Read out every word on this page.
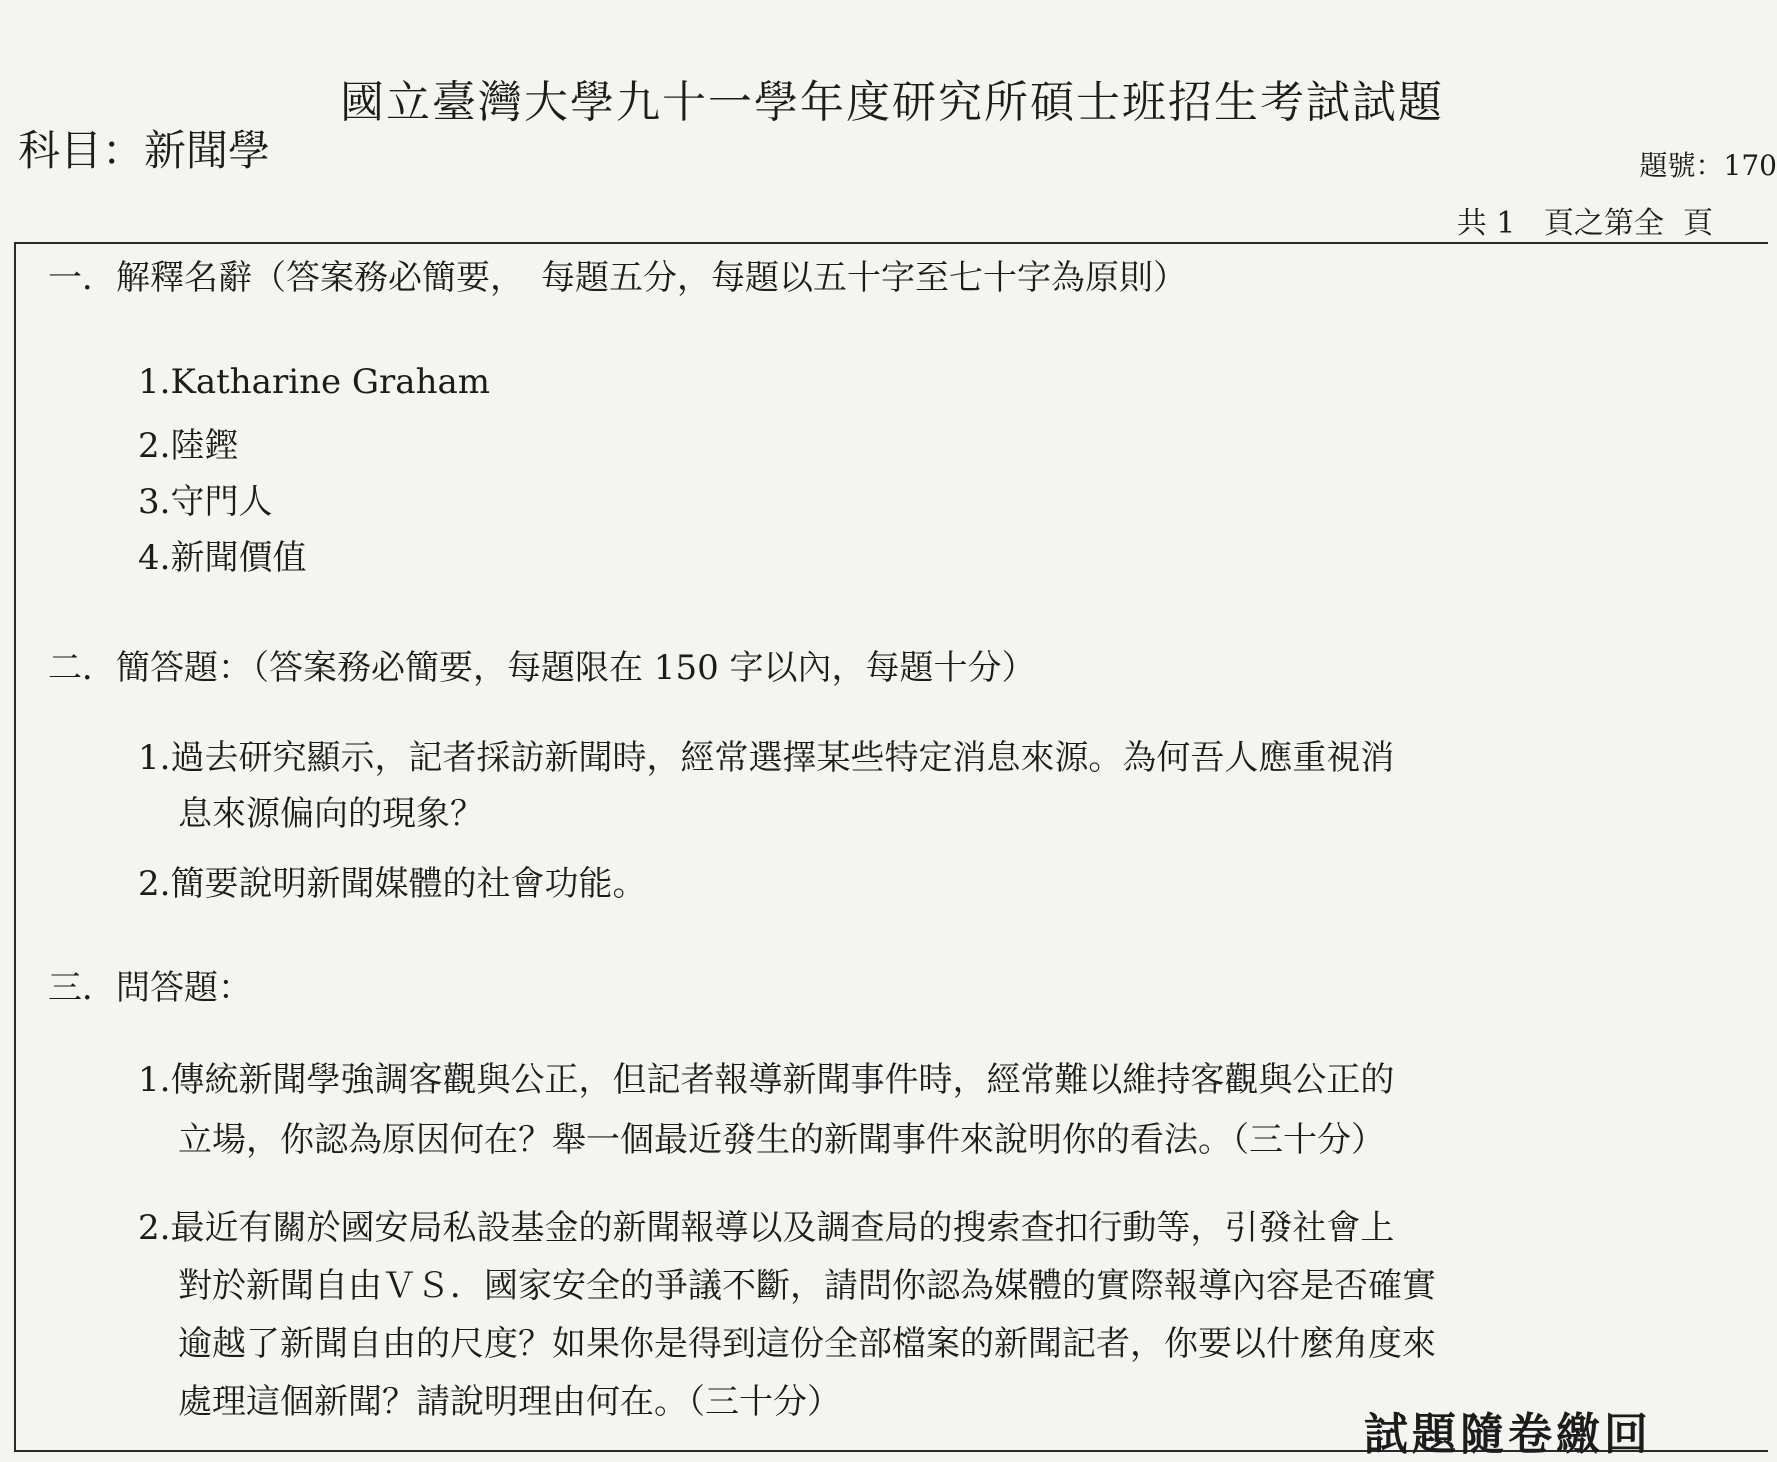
國立臺灣大學九十一學年度研究所碩士班招生考試試題
科目：新聞學	題號：170
共 1 頁之第全 頁
一．解釋名辭（答案務必簡要，　每題五分，每題以五十字至七十字為原則）
1.Katharine Graham
2.陸鏗
3.守門人
4.新聞價值
二．簡答題：（答案務必簡要，每題限在 150 字以內，每題十分）
1.過去研究顯示，記者採訪新聞時，經常選擇某些特定消息來源。為何吾人應重視消
息來源偏向的現象？
2.簡要說明新聞媒體的社會功能。
三．問答題：
1.傳統新聞學強調客觀與公正，但記者報導新聞事件時，經常難以維持客觀與公正的
立場，你認為原因何在？舉一個最近發生的新聞事件來說明你的看法。（三十分）
2.最近有關於國安局私設基金的新聞報導以及調查局的搜索查扣行動等，引發社會上
對於新聞自由ＶＳ．國家安全的爭議不斷，請問你認為媒體的實際報導內容是否確實
逾越了新聞自由的尺度？如果你是得到這份全部檔案的新聞記者，你要以什麼角度來
處理這個新聞？請說明理由何在。（三十分）
試題隨卷繳回
